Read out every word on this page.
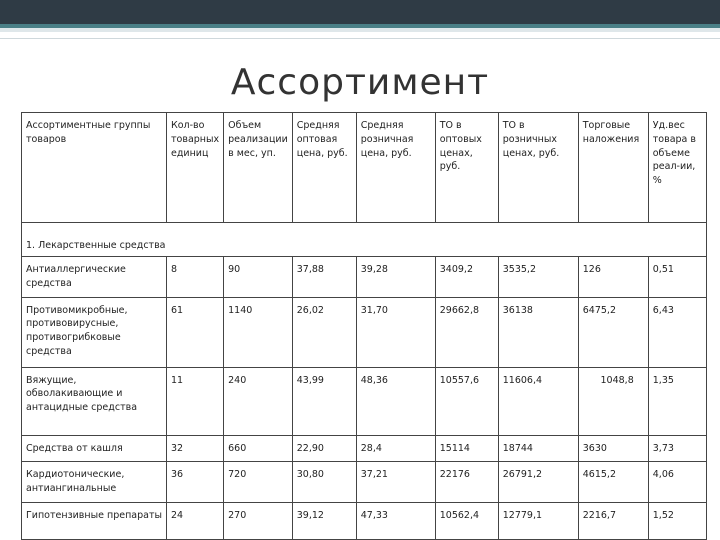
Ассортимент
Ассортиментные группы товаров	Кол-во товарных единиц	Объем реализации в мес, уп.	Средняя оптовая цена, руб.	Средняя розничная цена, руб.	ТО в оптовых ценах, руб.	ТО в розничных ценах, руб.	Торговые наложения	Уд.вес товара в объеме реал-ии, %
1. Лекарственные средства								
Антиаллергические средства	8	90	37,88	39,28	3409,2	3535,2	126	0,51
Противомикробные, противовирусные, противогрибковые средства	61	1140	26,02	31,70	29662,8	36138	6475,2	6,43
Вяжущие, обволакивающие и антацидные средства	11	240	43,99	48,36	10557,6	11606,4	1048,8	1,35
Средства от кашля	32	660	22,90	28,4	15114	18744	3630	3,73
Кардиотонические, антиангинальные	36	720	30,80	37,21	22176	26791,2	4615,2	4,06
Гипотензивные препараты	24	270	39,12	47,33	10562,4	12779,1	2216,7	1,52
